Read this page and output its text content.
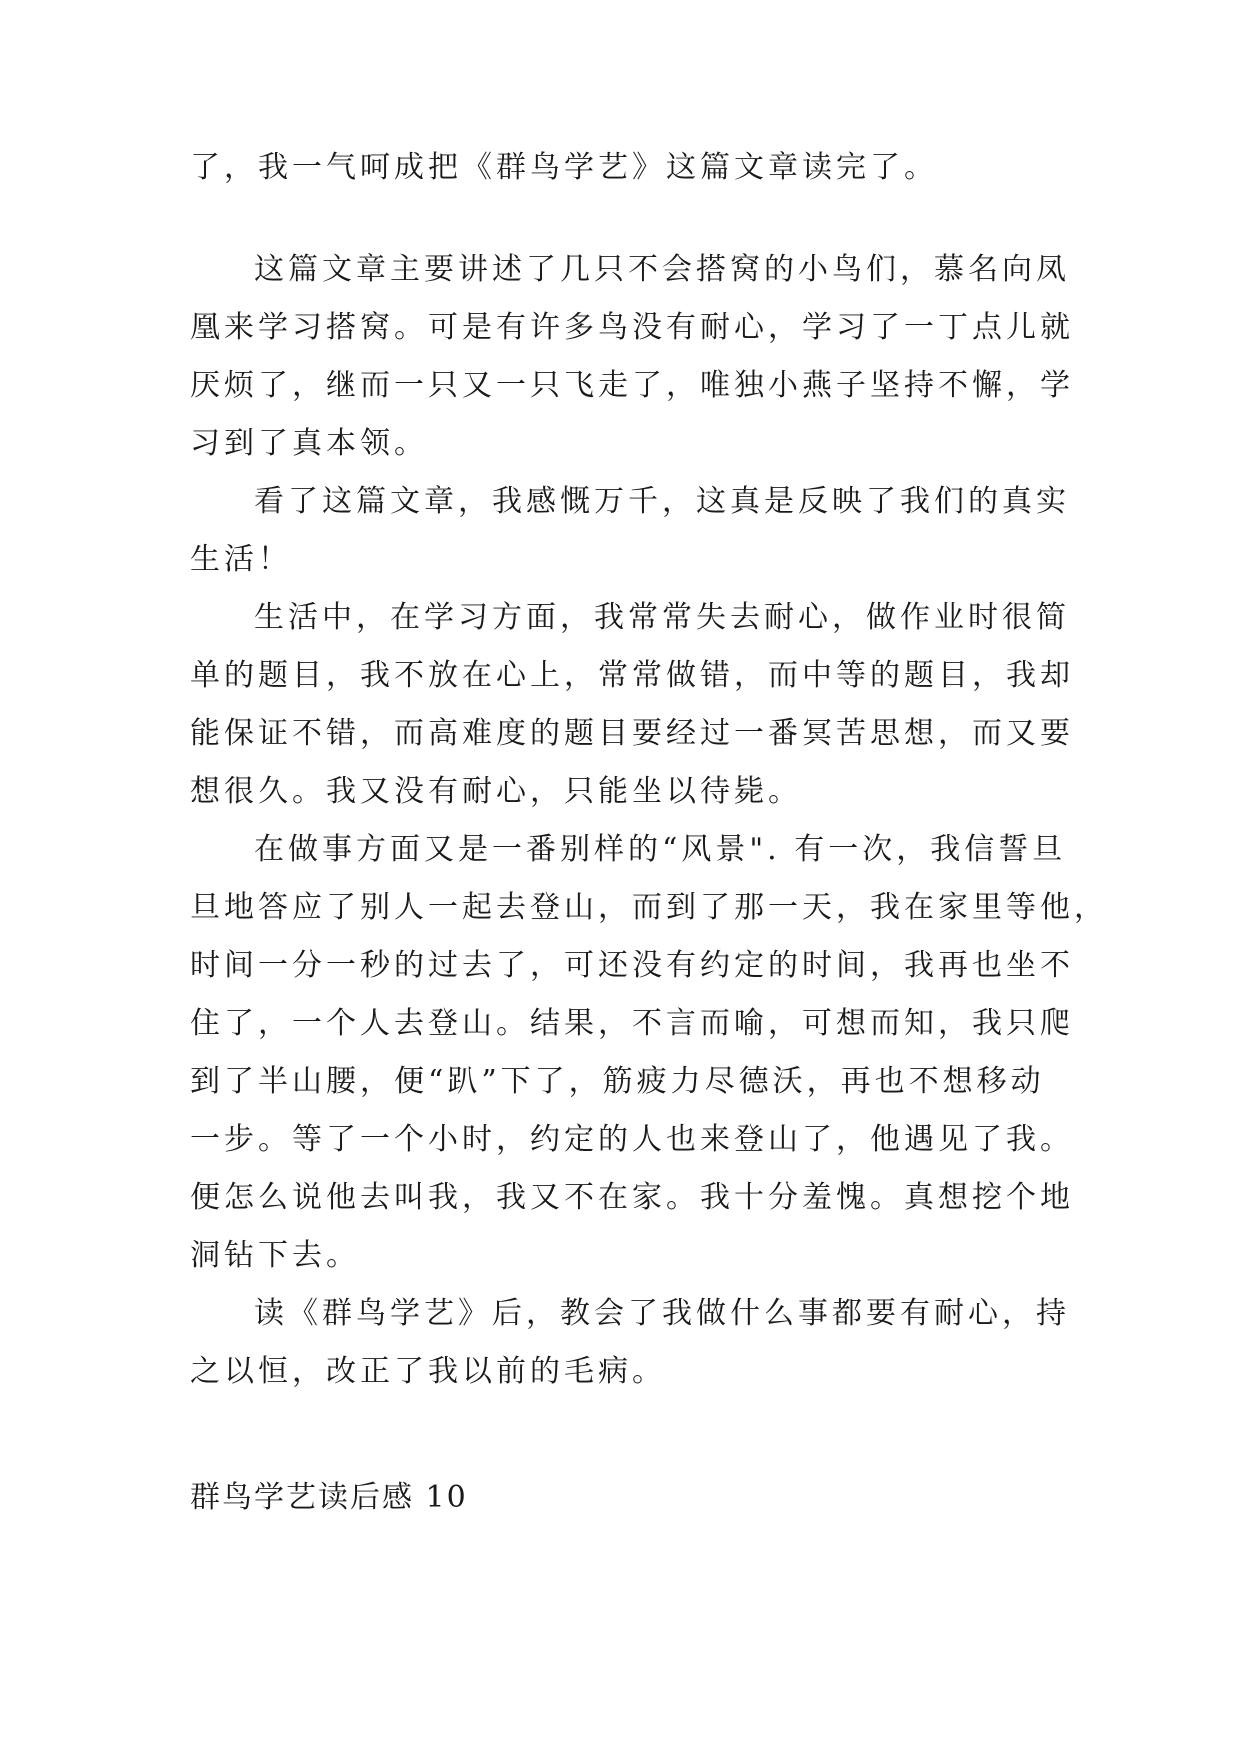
了，我一气呵成把《群鸟学艺》这篇文章读完了。
这篇文章主要讲述了几只不会搭窝的小鸟们，慕名向凤
凰来学习搭窝。可是有许多鸟没有耐心，学习了一丁点儿就
厌烦了，继而一只又一只飞走了，唯独小燕子坚持不懈，学
习到了真本领。
看了这篇文章，我感慨万千，这真是反映了我们的真实
生活！
生活中，在学习方面，我常常失去耐心，做作业时很简
单的题目，我不放在心上，常常做错，而中等的题目，我却
能保证不错，而高难度的题目要经过一番冥苦思想，而又要
想很久。我又没有耐心，只能坐以待毙。
在做事方面又是一番别样的“风景". 有一次，我信誓旦
旦地答应了别人一起去登山，而到了那一天，我在家里等他，
时间一分一秒的过去了，可还没有约定的时间，我再也坐不
住了，一个人去登山。结果，不言而喻，可想而知，我只爬
到了半山腰，便“趴”下了，筋疲力尽德沃，再也不想移动
一步。等了一个小时，约定的人也来登山了，他遇见了我。
便怎么说他去叫我，我又不在家。我十分羞愧。真想挖个地
洞钻下去。
读《群鸟学艺》后，教会了我做什么事都要有耐心，持
之以恒，改正了我以前的毛病。
群鸟学艺读后感 10
